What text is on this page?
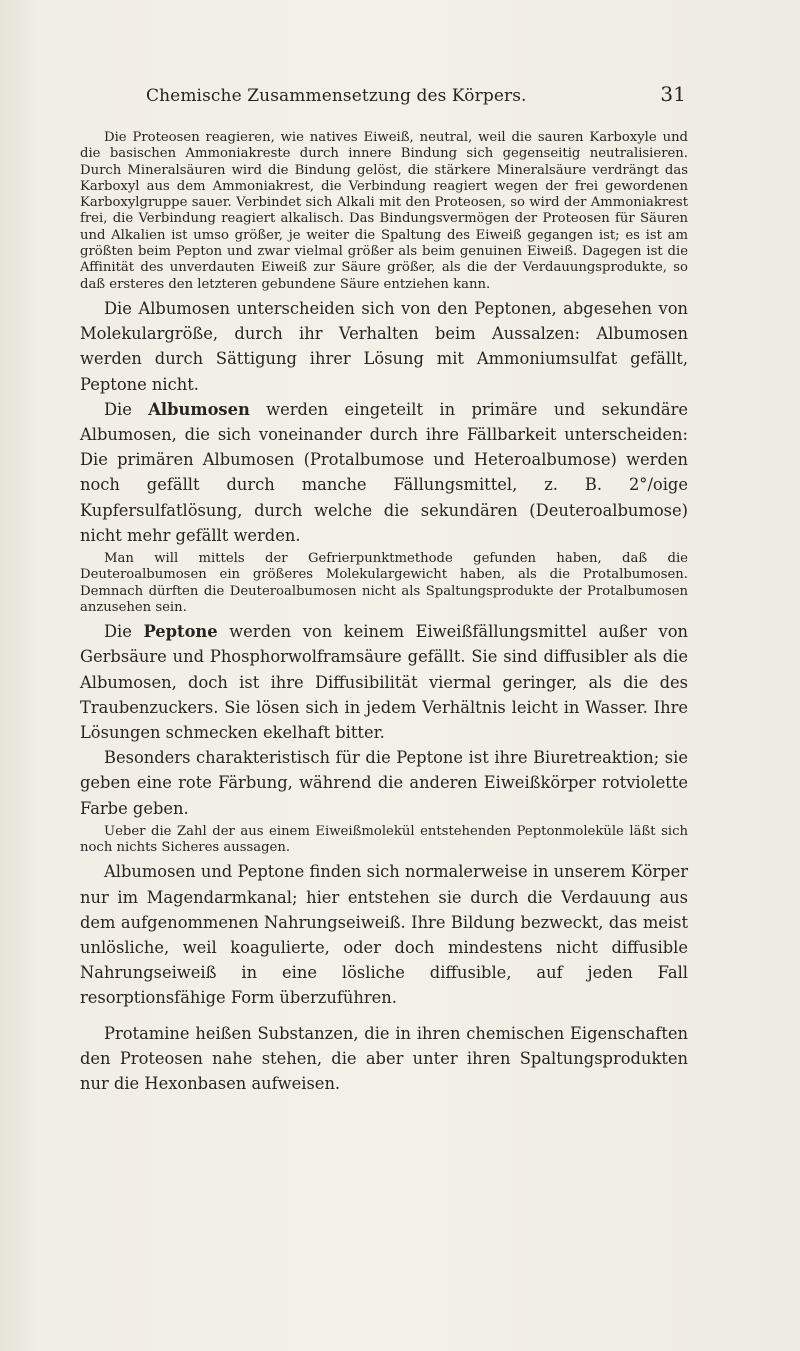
Chemische Zusammensetzung des Körpers.	31

Die Proteosen reagieren, wie natives Eiweiß, neutral, weil die sauren Karboxyle und die basischen Ammoniakreste durch innere Bindung sich gegenseitig neutralisieren. Durch Mineralsäuren wird die Bindung gelöst, die stärkere Mineralsäure verdrängt das Karboxyl aus dem Ammoniakrest, die Verbindung reagiert wegen der frei gewordenen Karboxylgruppe sauer. Verbindet sich Alkali mit den Proteosen, so wird der Ammoniakrest frei, die Verbindung reagiert alkalisch. Das Bindungsvermögen der Proteosen für Säuren und Alkalien ist umso größer, je weiter die Spaltung des Eiweiß gegangen ist; es ist am größten beim Pepton und zwar vielmal größer als beim genuinen Eiweiß. Dagegen ist die Affinität des unverdauten Eiweiß zur Säure größer, als die der Verdauungsprodukte, so daß ersteres den letzteren gebundene Säure entziehen kann.

Die Albumosen unterscheiden sich von den Peptonen, abgesehen von Molekulargröße, durch ihr Verhalten beim Aussalzen: Albumosen werden durch Sättigung ihrer Lösung mit Ammoniumsulfat gefällt, Peptone nicht.

Die Albumosen werden eingeteilt in primäre und sekundäre Albumosen, die sich voneinander durch ihre Fällbarkeit unterscheiden: Die primären Albumosen (Protalbumose und Heteroalbumose) werden noch gefällt durch manche Fällungsmittel, z. B. 2°/oige Kupfersulfatlösung, durch welche die sekundären (Deuteroalbumose) nicht mehr gefällt werden.

Man will mittels der Gefrierpunktmethode gefunden haben, daß die Deuteroalbumosen ein größeres Molekulargewicht haben, als die Protalbumosen. Demnach dürften die Deuteroalbumosen nicht als Spaltungsprodukte der Protalbumosen anzusehen sein.

Die Peptone werden von keinem Eiweißfällungsmittel außer von Gerbsäure und Phosphorwolframsäure gefällt. Sie sind diffusibler als die Albumosen, doch ist ihre Diffusibilität viermal geringer, als die des Traubenzuckers. Sie lösen sich in jedem Verhältnis leicht in Wasser. Ihre Lösungen schmecken ekelhaft bitter.

Besonders charakteristisch für die Peptone ist ihre Biuretreaktion; sie geben eine rote Färbung, während die anderen Eiweißkörper rotviolette Farbe geben.

Ueber die Zahl der aus einem Eiweißmolekül entstehenden Peptonmoleküle läßt sich noch nichts Sicheres aussagen.

Albumosen und Peptone finden sich normalerweise in unserem Körper nur im Magendarmkanal; hier entstehen sie durch die Verdauung aus dem aufgenommenen Nahrungseiweiß. Ihre Bildung bezweckt, das meist unlösliche, weil koagulierte, oder doch mindestens nicht diffusible Nahrungseiweiß in eine lösliche diffusible, auf jeden Fall resorptionsfähige Form überzuführen.

Protamine heißen Substanzen, die in ihren chemischen Eigenschaften den Proteosen nahe stehen, die aber unter ihren Spaltungsprodukten nur die Hexonbasen aufweisen.
